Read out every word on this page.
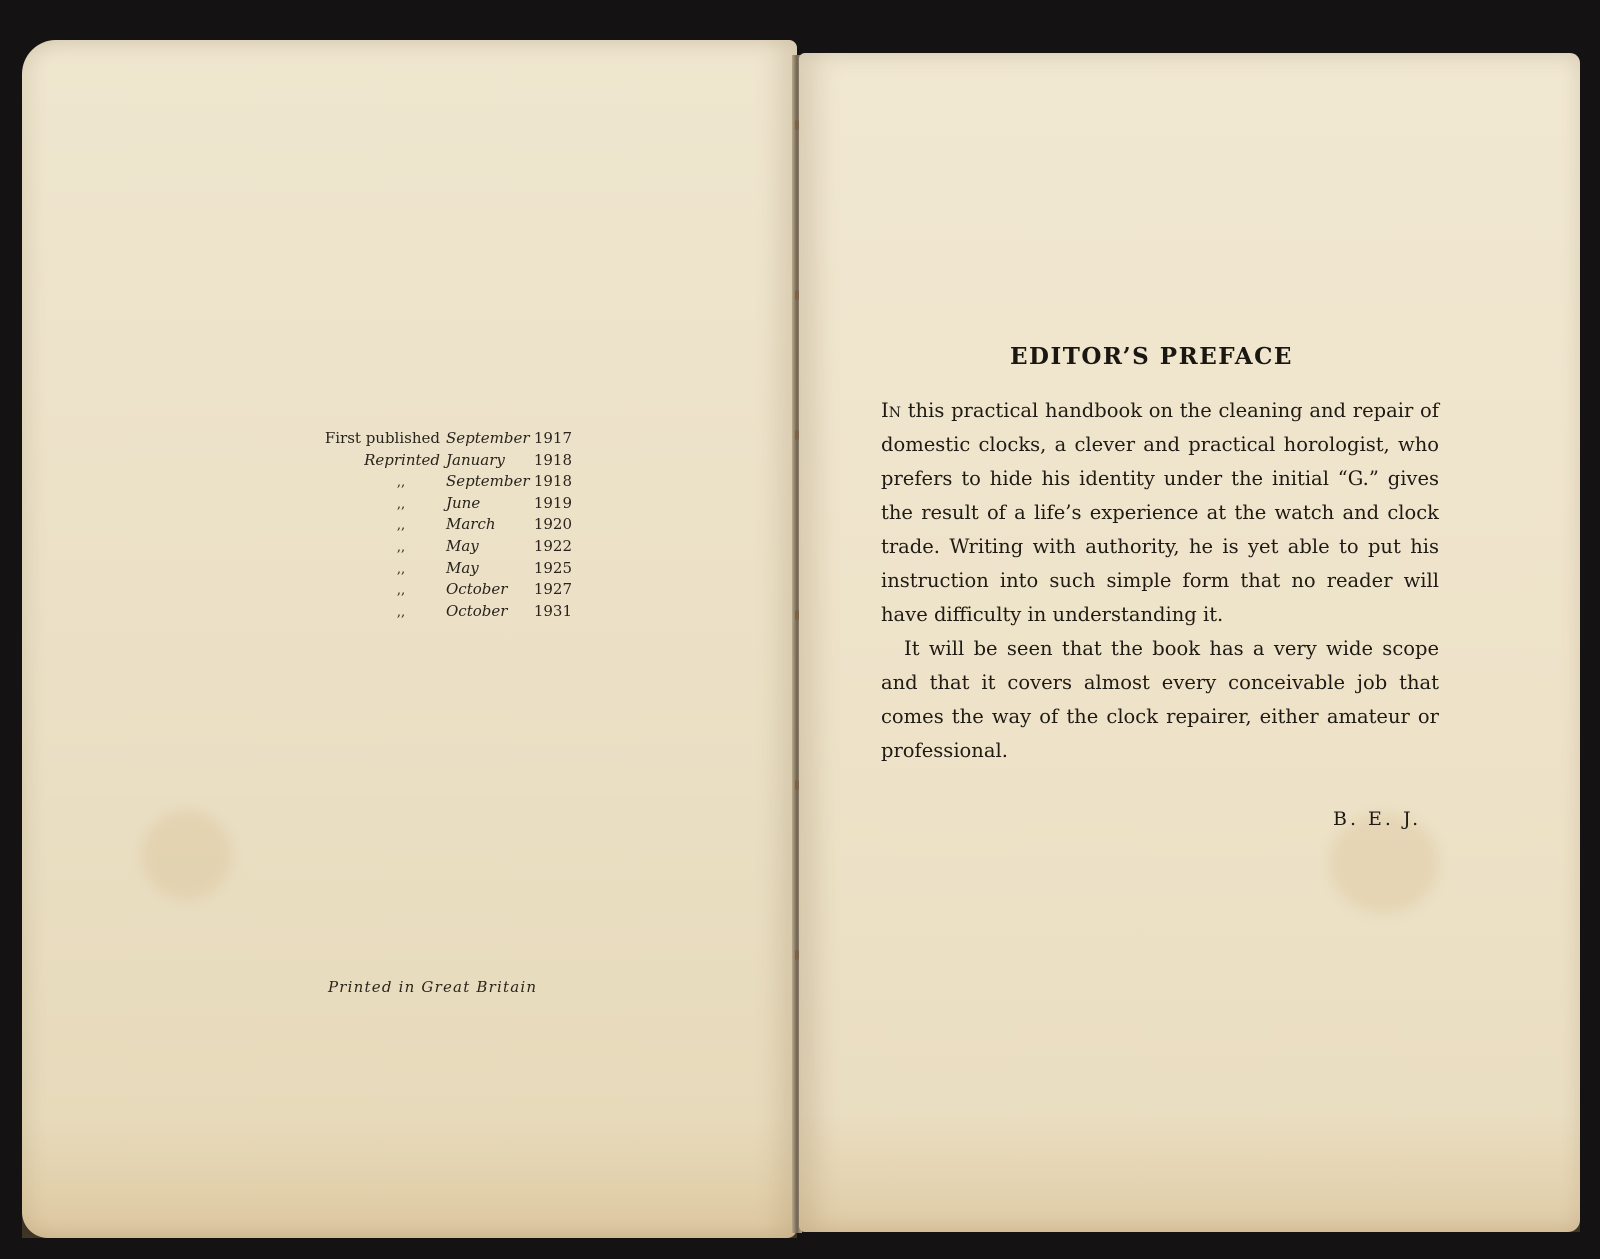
First published September 1917
Reprinted January	1918
,,	September 1918
,,	June	1919
,,	March	1920
,,	May	1922
,,	May	1925
,,	October	1927
,,	October	1931
Printed in Great Britain
EDITOR’S PREFACE

In this practical handbook on the cleaning and repair of domestic clocks, a clever and practical horologist, who prefers to hide his identity under the initial “G.” gives the result of a life’s experience at the watch and clock trade. Writing with authority, he is yet able to put his instruction into such simple form that no reader will have difficulty in understanding it.

It will be seen that the book has a very wide scope and that it covers almost every conceivable job that comes the way of the clock repairer, either amateur or professional.

B. E. J.
